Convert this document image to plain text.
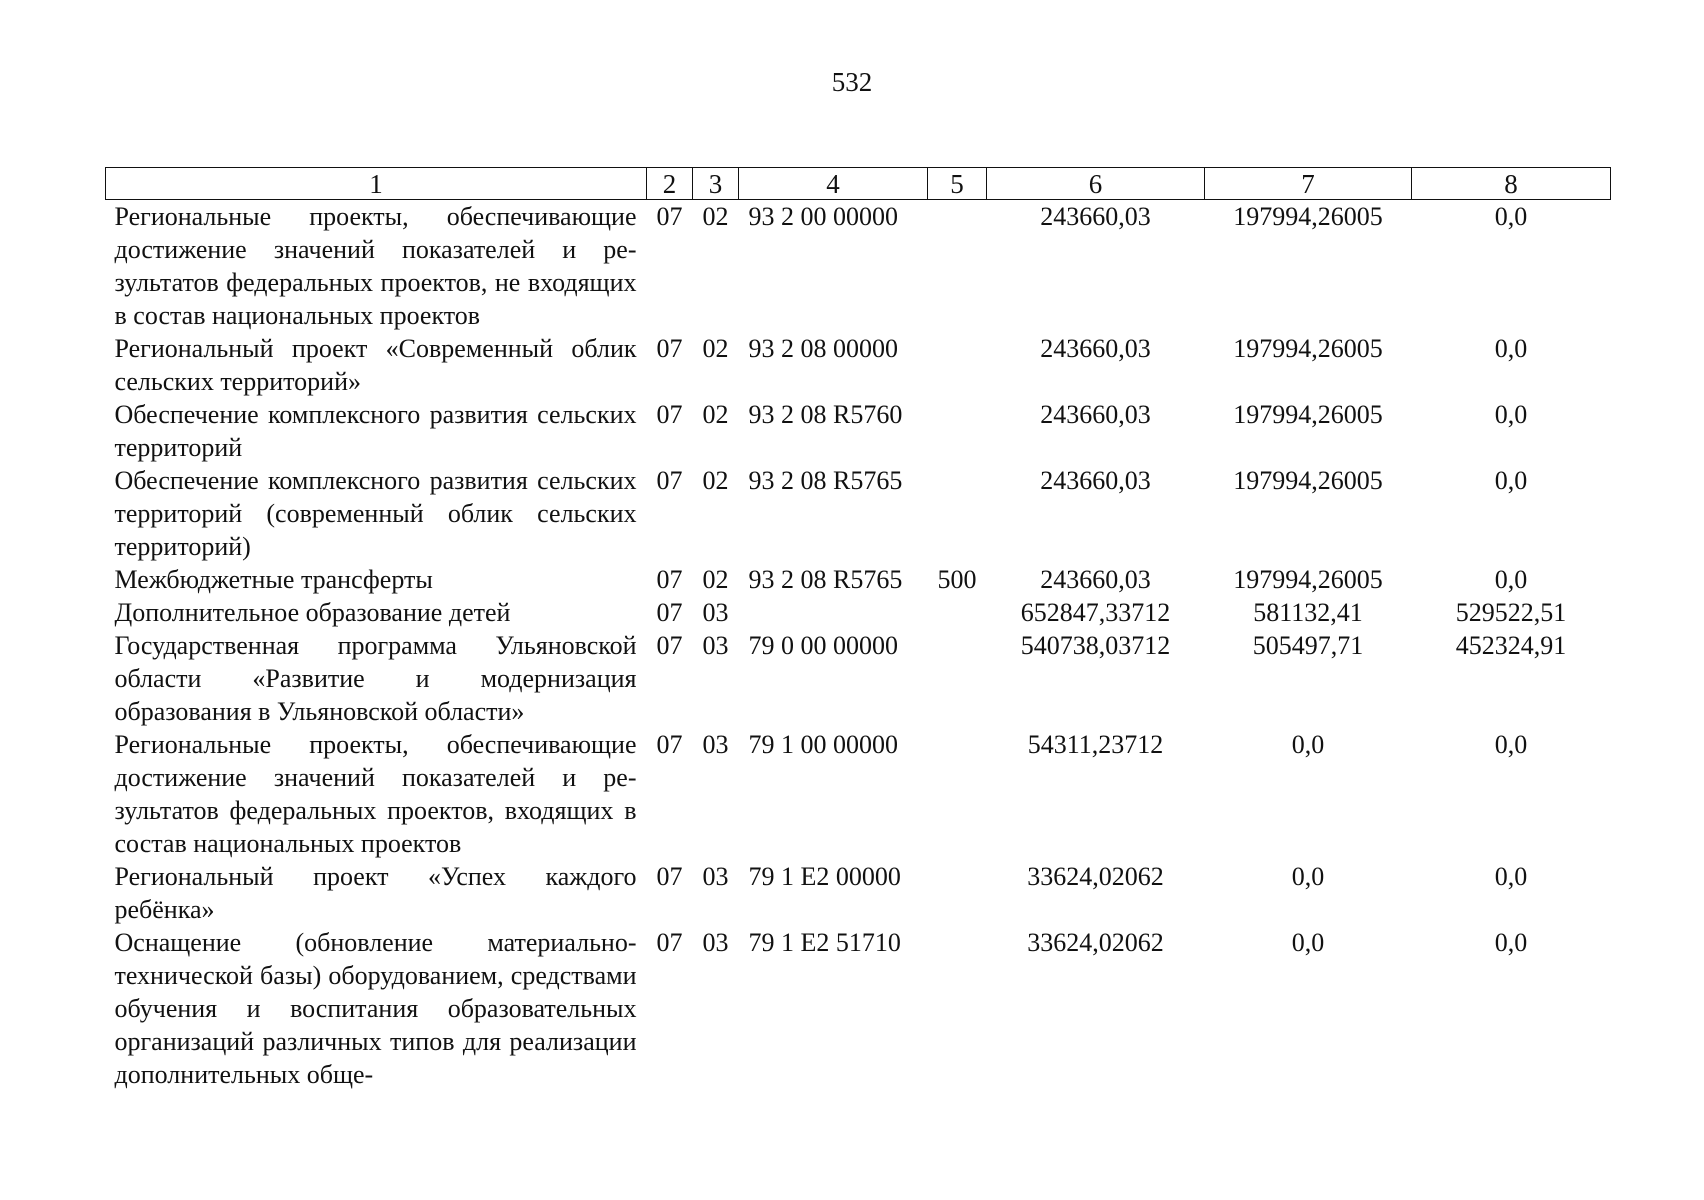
532
1	2	3	4	5	6	7	8
Региональные проекты, обеспечивающие достижение значений показателей и результатов федеральных проектов, не входящих в состав национальных проектов	07	02	93 2 00 00000		243660,03	197994,26005	0,0
Региональный проект «Современный облик сельских территорий»	07	02	93 2 08 00000		243660,03	197994,26005	0,0
Обеспечение комплексного развития сельских территорий	07	02	93 2 08 R5760		243660,03	197994,26005	0,0
Обеспечение комплексного развития сельских территорий (современный облик сельских территорий)	07	02	93 2 08 R5765		243660,03	197994,26005	0,0
Межбюджетные трансферты	07	02	93 2 08 R5765	500	243660,03	197994,26005	0,0
Дополнительное образование детей	07	03			652847,33712	581132,41	529522,51
Государственная программа Ульяновской области «Развитие и модернизация образования в Ульяновской области»	07	03	79 0 00 00000		540738,03712	505497,71	452324,91
Региональные проекты, обеспечивающие достижение значений показателей и результатов федеральных проектов, входящих в состав национальных проектов	07	03	79 1 00 00000		54311,23712	0,0	0,0
Региональный проект «Успех каждого ребёнка»	07	03	79 1 E2 00000		33624,02062	0,0	0,0
Оснащение (обновление материально-технической базы) оборудованием, средствами обучения и воспитания образовательных организаций различных типов для реализации дополнительных обще-	07	03	79 1 E2 51710		33624,02062	0,0	0,0
